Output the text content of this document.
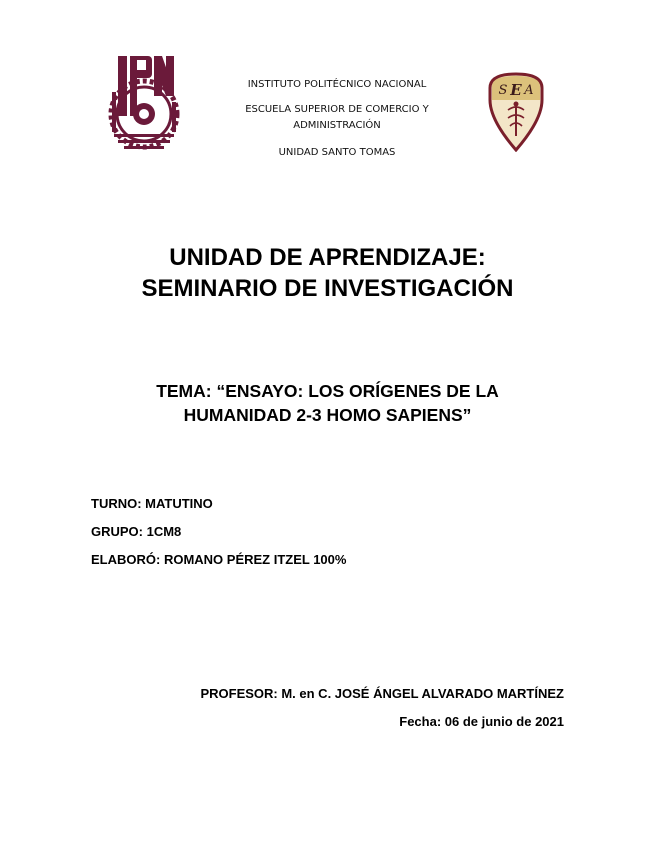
INSTITUTO POLITÉCNICO NACIONAL
ESCUELA SUPERIOR DE COMERCIO Y
ADMINISTRACIÓN
UNIDAD SANTO TOMAS
E
S A
UNIDAD DE APRENDIZAJE:
SEMINARIO DE INVESTIGACIÓN
TEMA: “ENSAYO: LOS ORÍGENES DE LA
HUMANIDAD 2-3 HOMO SAPIENS”
TURNO: MATUTINO
GRUPO: 1CM8
ELABORÓ: ROMANO PÉREZ ITZEL 100%
PROFESOR: M. en C. JOSÉ ÁNGEL ALVARADO MARTÍNEZ
Fecha: 06 de junio de 2021
